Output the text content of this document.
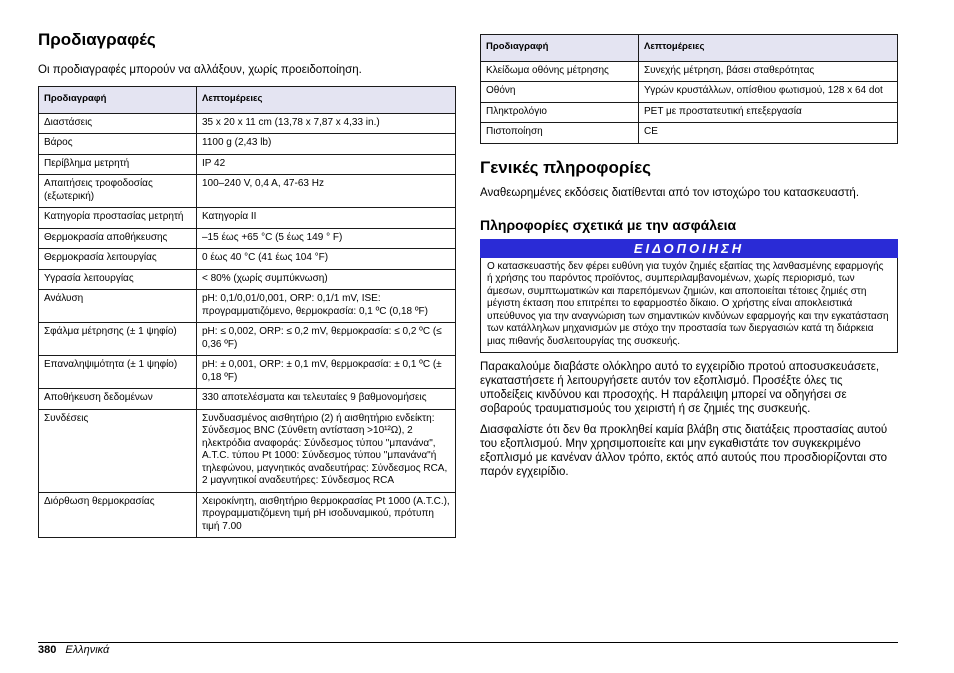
Προδιαγραφές

Οι προδιαγραφές μπορούν να αλλάξουν, χωρίς προειδοποίηση.

Προδιαγραφή	Λεπτομέρειες
Διαστάσεις	35 x 20 x 11 cm (13,78 x 7,87 x 4,33 in.)
Βάρος	1100 g (2,43 lb)
Περίβλημα μετρητή	IP 42
Απαιτήσεις τροφοδοσίας (εξωτερική)	100–240 V, 0,4 A, 47-63 Hz
Κατηγορία προστασίας μετρητή	Κατηγορία II
Θερμοκρασία αποθήκευσης	–15 έως +65 °C (5 έως 149 ° F)
Θερμοκρασία λειτουργίας	0 έως 40 °C (41 έως 104 °F)
Υγρασία λειτουργίας	< 80% (χωρίς συμπύκνωση)
Ανάλυση	pH: 0,1/0,01/0,001, ORP: 0,1/1 mV, ISE: προγραμματιζόμενο, θερμοκρασία: 0,1 ºC (0,18 ºF)
Σφάλμα μέτρησης (± 1 ψηφίο)	pH: ≤ 0,002, ORP: ≤ 0,2 mV, θερμοκρασία: ≤ 0,2 ºC (≤ 0,36 ºF)
Επαναληψιμότητα (± 1 ψηφίο)	pH: ± 0,001, ORP: ± 0,1 mV, θερμοκρασία: ± 0,1 ºC (± 0,18 ºF)
Αποθήκευση δεδομένων	330 αποτελέσματα και τελευταίες 9 βαθμονομήσεις
Συνδέσεις	Συνδυασμένος αισθητήριο (2) ή αισθητήριο ενδείκτη: Σύνδεσμος BNC (Σύνθετη αντίσταση >10¹²Ω), 2 ηλεκτρόδια αναφοράς: Σύνδεσμος τύπου "μπανάνα", A.T.C. τύπου Pt 1000: Σύνδεσμος τύπου "μπανάνα"ή τηλεφώνου, μαγνητικός αναδευτήρας: Σύνδεσμος RCA, 2 μαγνητικοί αναδευτήρες: Σύνδεσμος RCA
Διόρθωση θερμοκρασίας	Χειροκίνητη, αισθητήριο θερμοκρασίας Pt 1000 (A.T.C.), προγραμματιζόμενη τιμή pH ισοδυναμικού, πρότυπη τιμή 7.00
Προδιαγραφή	Λεπτομέρειες
Κλείδωμα οθόνης μέτρησης	Συνεχής μέτρηση, βάσει σταθερότητας
Οθόνη	Υγρών κρυστάλλων, οπίσθιου φωτισμού, 128 x 64 dot
Πληκτρολόγιο	PET με προστατευτική επεξεργασία
Πιστοποίηση	CE
Γενικές πληροφορίες

Αναθεωρημένες εκδόσεις διατίθενται από τον ιστοχώρο του κατασκευαστή.

Πληροφορίες σχετικά με την ασφάλεια
ΕΙΔΟΠΟΙΗΣΗ
Ο κατασκευαστής δεν φέρει ευθύνη για τυχόν ζημιές εξαιτίας της λανθασμένης εφαρμογής ή χρήσης του παρόντος προϊόντος, συμπεριλαμβανομένων, χωρίς περιορισμό, των άμεσων, συμπτωματικών και παρεπόμενων ζημιών, και αποποιείται τέτοιες ζημιές στη μέγιστη έκταση που επιτρέπει το εφαρμοστέο δίκαιο. Ο χρήστης είναι αποκλειστικά υπεύθυνος για την αναγνώριση των σημαντικών κινδύνων εφαρμογής και την εγκατάσταση των κατάλληλων μηχανισμών με στόχο την προστασία των διεργασιών κατά τη διάρκεια μιας πιθανής δυσλειτουργίας της συσκευής.

Παρακαλούμε διαβάστε ολόκληρο αυτό το εγχειρίδιο προτού αποσυσκευάσετε, εγκαταστήσετε ή λειτουργήσετε αυτόν τον εξοπλισμό. Προσέξτε όλες τις υποδείξεις κινδύνου και προσοχής. Η παράλειψη μπορεί να οδηγήσει σε σοβαρούς τραυματισμούς του χειριστή ή σε ζημιές της συσκευής.

Διασφαλίστε ότι δεν θα προκληθεί καμία βλάβη στις διατάξεις προστασίας αυτού του εξοπλισμού. Μην χρησιμοποιείτε και μην εγκαθιστάτε τον συγκεκριμένο εξοπλισμό με κανέναν άλλον τρόπο, εκτός από αυτούς που προσδιορίζονται στο παρόν εγχειρίδιο.

380 Ελληνικά
